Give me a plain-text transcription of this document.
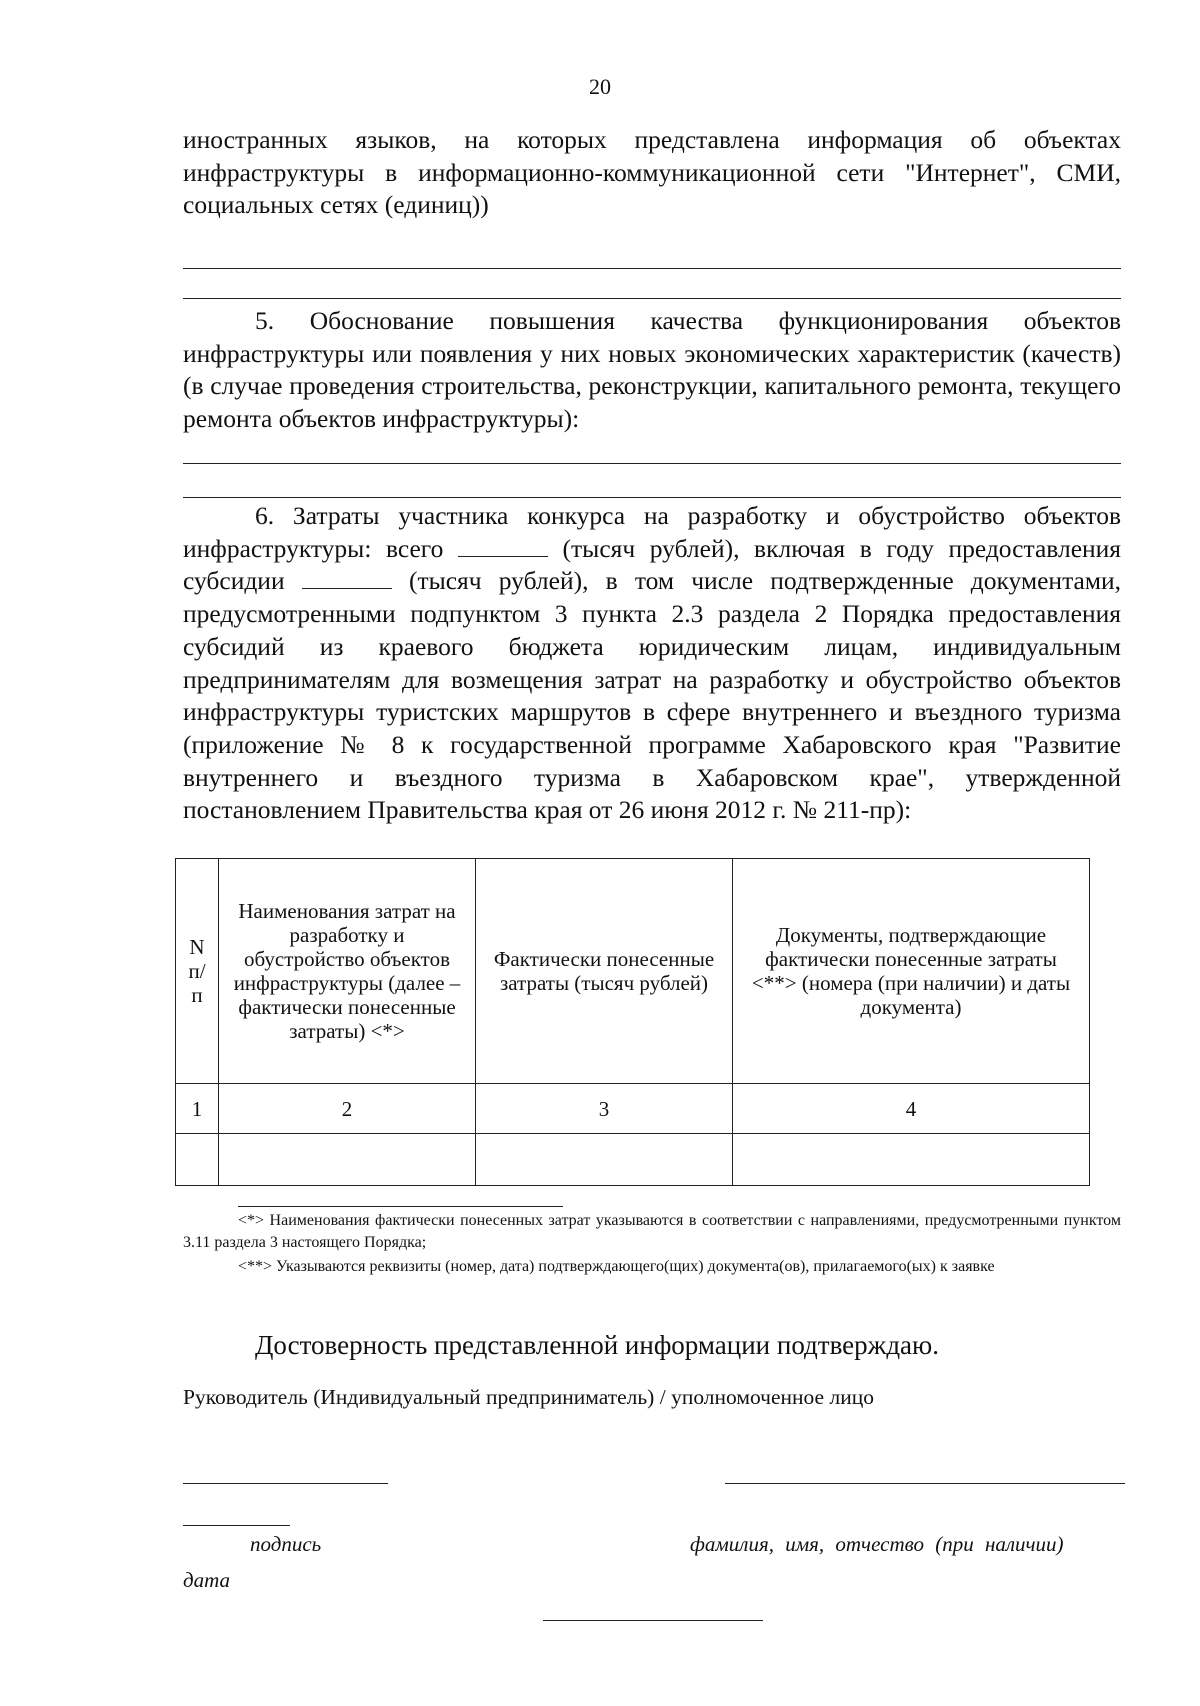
20

иностранных языков, на которых представлена информация об объектах инфраструктуры в информационно-коммуникационной сети "Интернет", СМИ, социальных сетях (единиц))

5. Обоснование повышения качества функционирования объектов инфраструктуры или появления у них новых экономических характеристик (качеств) (в случае проведения строительства, реконструкции, капитального ремонта, текущего ремонта объектов инфраструктуры):

6. Затраты участника конкурса на разработку и обустройство объектов инфраструктуры: всего	(тысяч рублей), включая в году предоставления субсидии	(тысяч рублей), в том числе подтвержденные документами, предусмотренными подпунктом 3 пункта 2.3 раздела 2 Порядка предоставления субсидий из краевого бюджета юридическим лицам, индивидуальным предпринимателям для возмещения затрат на разработку и обустройство объектов инфраструктуры туристских маршрутов в сфере внутреннего и въездного туризма (приложение № 8 к государственной программе Хабаровского края "Развитие внутреннего и въездного туризма в Хабаровском крае", утвержденной постановлением Правительства края от 26 июня 2012 г. № 211-пр):

N п/п	Наименования затрат на разработку и обустройство объектов инфраструктуры (далее – фактически понесенные затраты) <*>	Фактически понесенные затраты (тысяч рублей)	Документы, подтверждающие фактически понесенные затраты <**> (номера (при наличии) и даты документа)
1	2	3	4

<*> Наименования фактически понесенных затрат указываются в соответствии с направлениями, предусмотренными пунктом 3.11 раздела 3 настоящего Порядка;

<**> Указываются реквизиты (номер, дата) подтверждающего(щих) документа(ов), прилагаемого(ых) к заявке

Достоверность представленной информации подтверждаю.
Руководитель (Индивидуальный предприниматель) / уполномоченное лицо
подпись	фамилия, имя, отчество (при наличии)
дата
